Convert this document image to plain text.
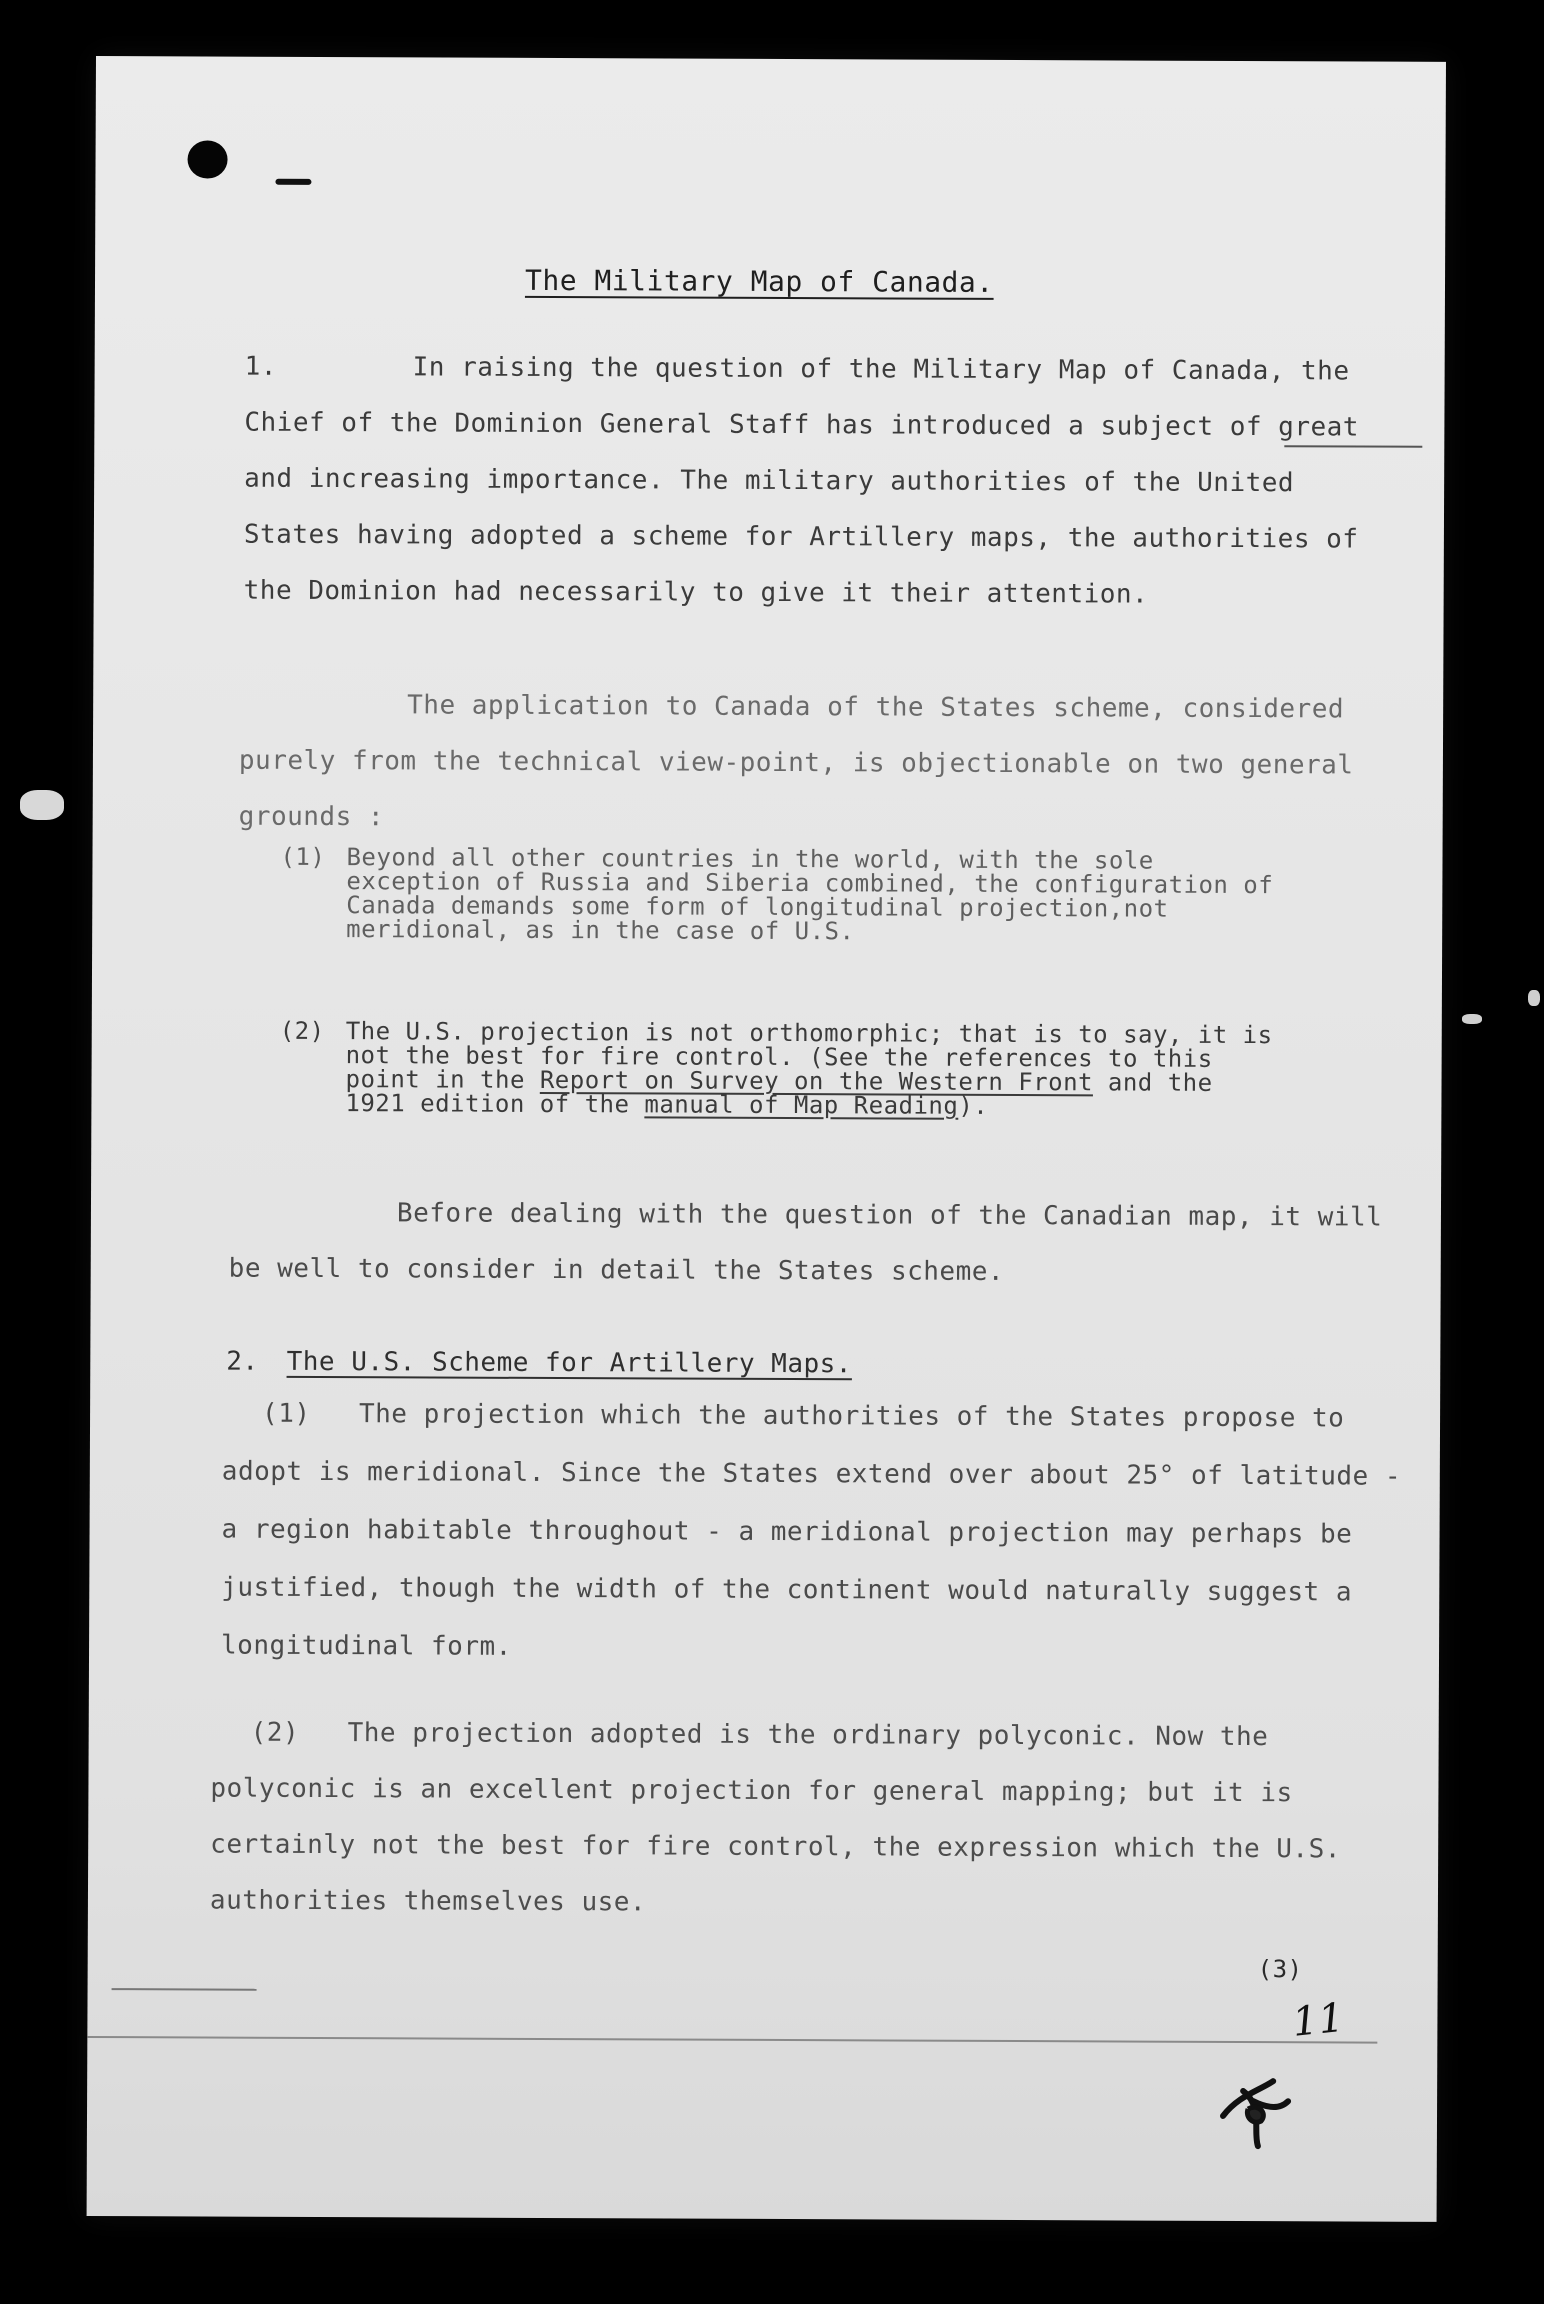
The Military Map of Canada.
1.	In raising the question of the Military Map of Canada, the Chief of the Dominion General Staff has introduced a subject of great and increasing importance. The military authorities of the United States having adopted a scheme for Artillery maps, the authorities of the Dominion had necessarily to give it their attention.
The application to Canada of the States scheme, considered purely from the technical view-point, is objectionable on two general grounds :
(1) Beyond all other countries in the world, with the sole exception of Russia and Siberia combined, the configuration of Canada demands some form of longitudinal projection,not meridional, as in the case of U.S.
(2) The U.S. projection is not orthomorphic; that is to say, it is not the best for fire control. (See the references to this point in the Report on Survey on the Western Front and the 1921 edition of the manual of Map Reading).
Before dealing with the question of the Canadian map, it will be well to consider in detail the States scheme.
2. The U.S. Scheme for Artillery Maps.
(1) The projection which the authorities of the States propose to adopt is meridional. Since the States extend over about 25° of latitude - a region habitable throughout - a meridional projection may perhaps be justified, though the width of the continent would naturally suggest a longitudinal form.
(2) The projection adopted is the ordinary polyconic. Now the polyconic is an excellent projection for general mapping; but it is certainly not the best for fire control, the expression which the U.S. authorities themselves use.
(3)
11
